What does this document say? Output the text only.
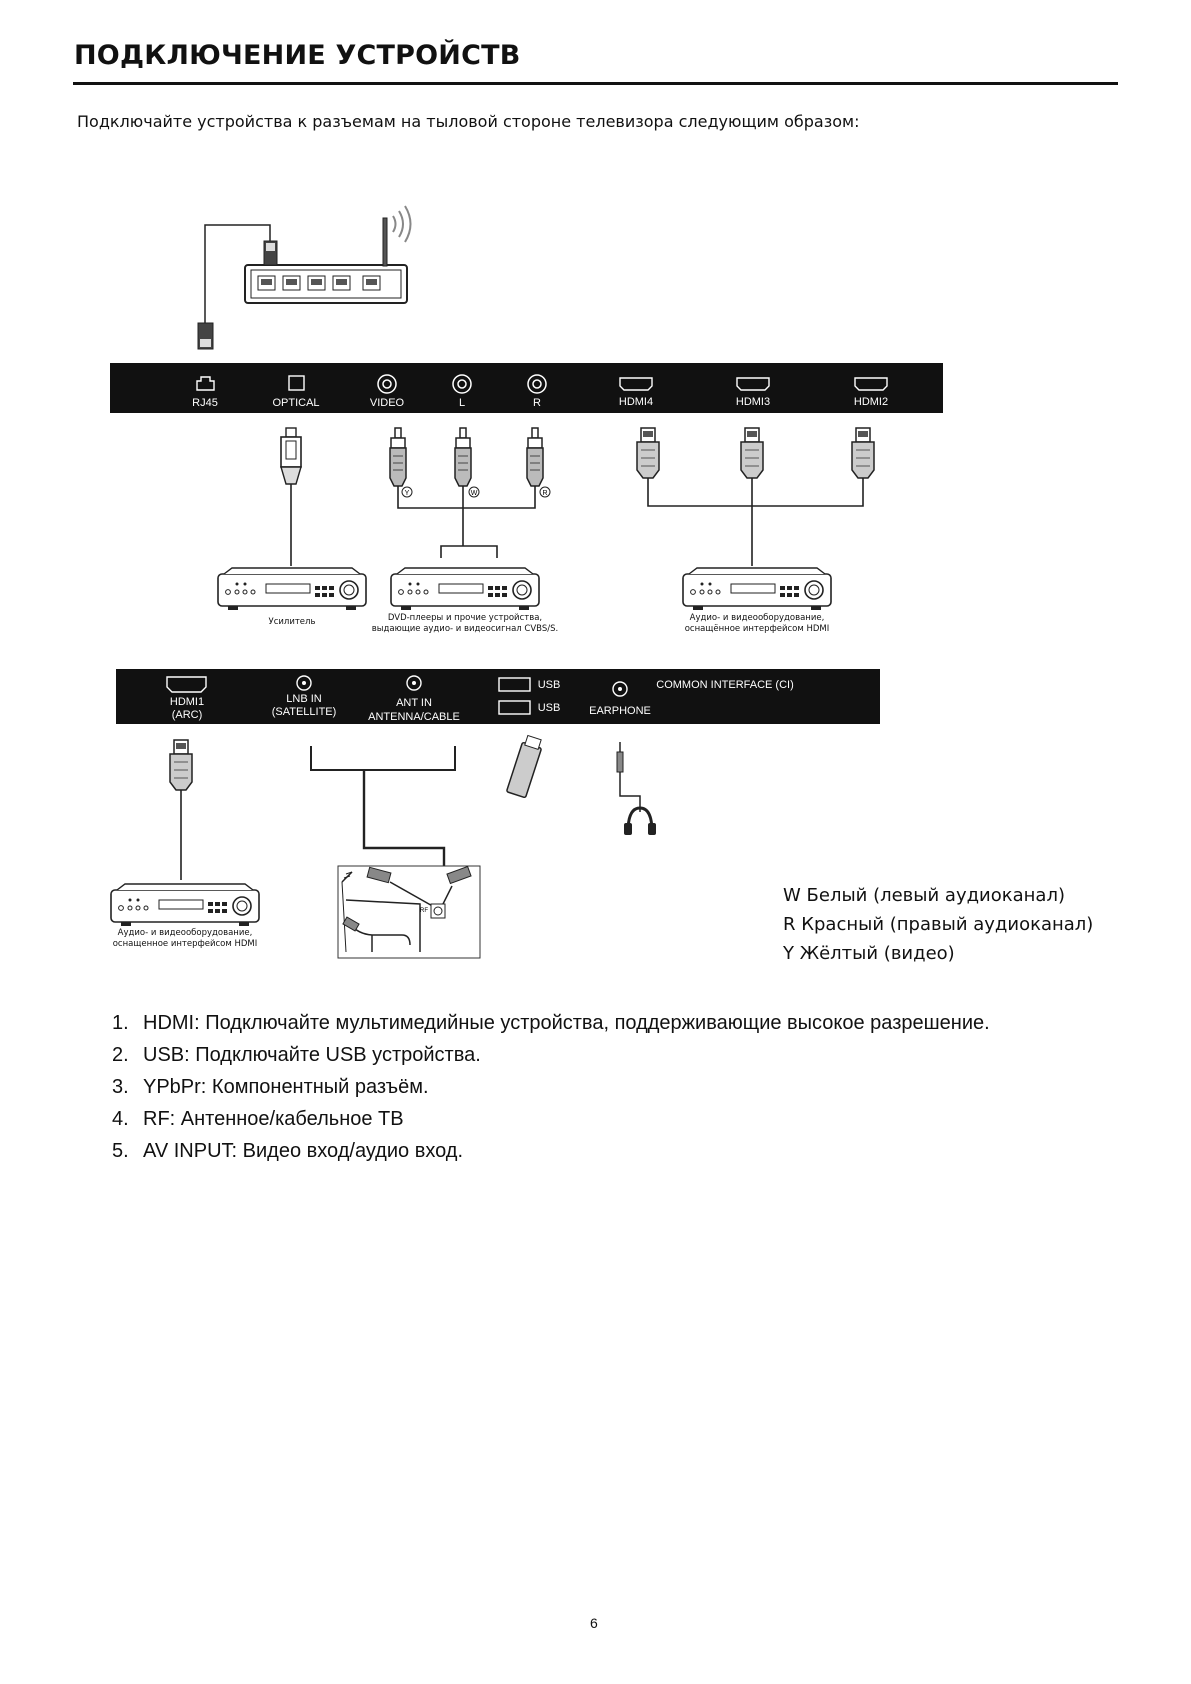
ПОДКЛЮЧЕНИЕ УСТРОЙСТВ
Подключайте устройства к разъемам на тыловой стороне телевизора следующим образом:
RJ45	OPTICAL	VIDEO	L	R	HDMI4	HDMI3	HDMI2
Y	W	R
Усилитель	DVD-плееры и прочие устройства,
выдающие аудио- и видеосигнал CVBS/S.
Аудио- и видеооборудование,
оснащённое интерфейсом HDMI
HDMI1
(ARC)
LNB IN
(SATELLITE)
ANT IN
ANTENNA/CABLE
USB
USB	EARPHONE
COMMON INTERFACE (CI)
Аудио- и видеооборудование,
оснащенное интерфейсом HDMI
RF
W Белый (левый аудиоканал)
R Красный (правый аудиоканал)
Y Жёлтый (видео)
1. HDMI: Подключайте мультимедийные устройства, поддерживающие высокое разрешение.
2. USB: Подключайте USB устройства.
3. YPbPr: Компонентный разъём.
4. RF: Антенное/кабельное ТВ
5. AV INPUT: Видео вход/аудио вход.
6
